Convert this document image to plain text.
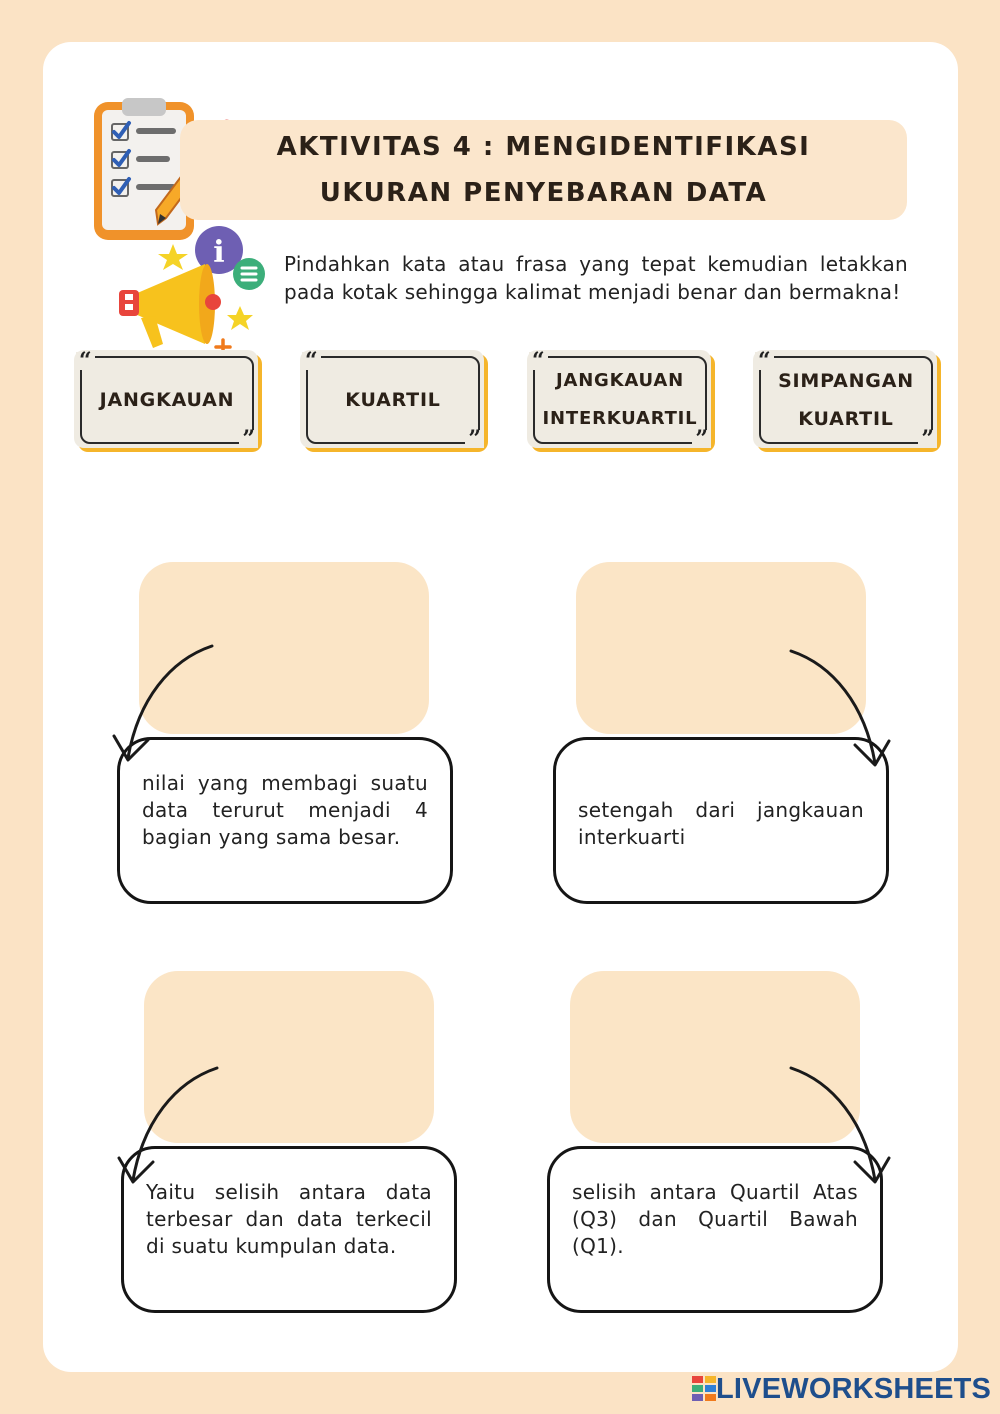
i
AKTIVITAS 4 : MENGIDENTIFIKASI
UKURAN PENYEBARAN DATA
Pindahkan kata atau frasa yang tepat kemudian letakkan pada kotak sehingga kalimat menjadi benar dan bermakna!
“
”
JANGKAUAN
“
”
KUARTIL
“
”
JANGKAUAN INTERKUARTIL
“
”
SIMPANGAN KUARTIL
nilai yang membagi suatu data terurut menjadi 4 bagian yang sama besar.
setengah dari jangkauan interkuarti
Yaitu selisih antara data terbesar dan data terkecil di suatu kumpulan data.
selisih antara Quartil Atas (Q3) dan Quartil Bawah (Q1).
LIVEWORKSHEETS
